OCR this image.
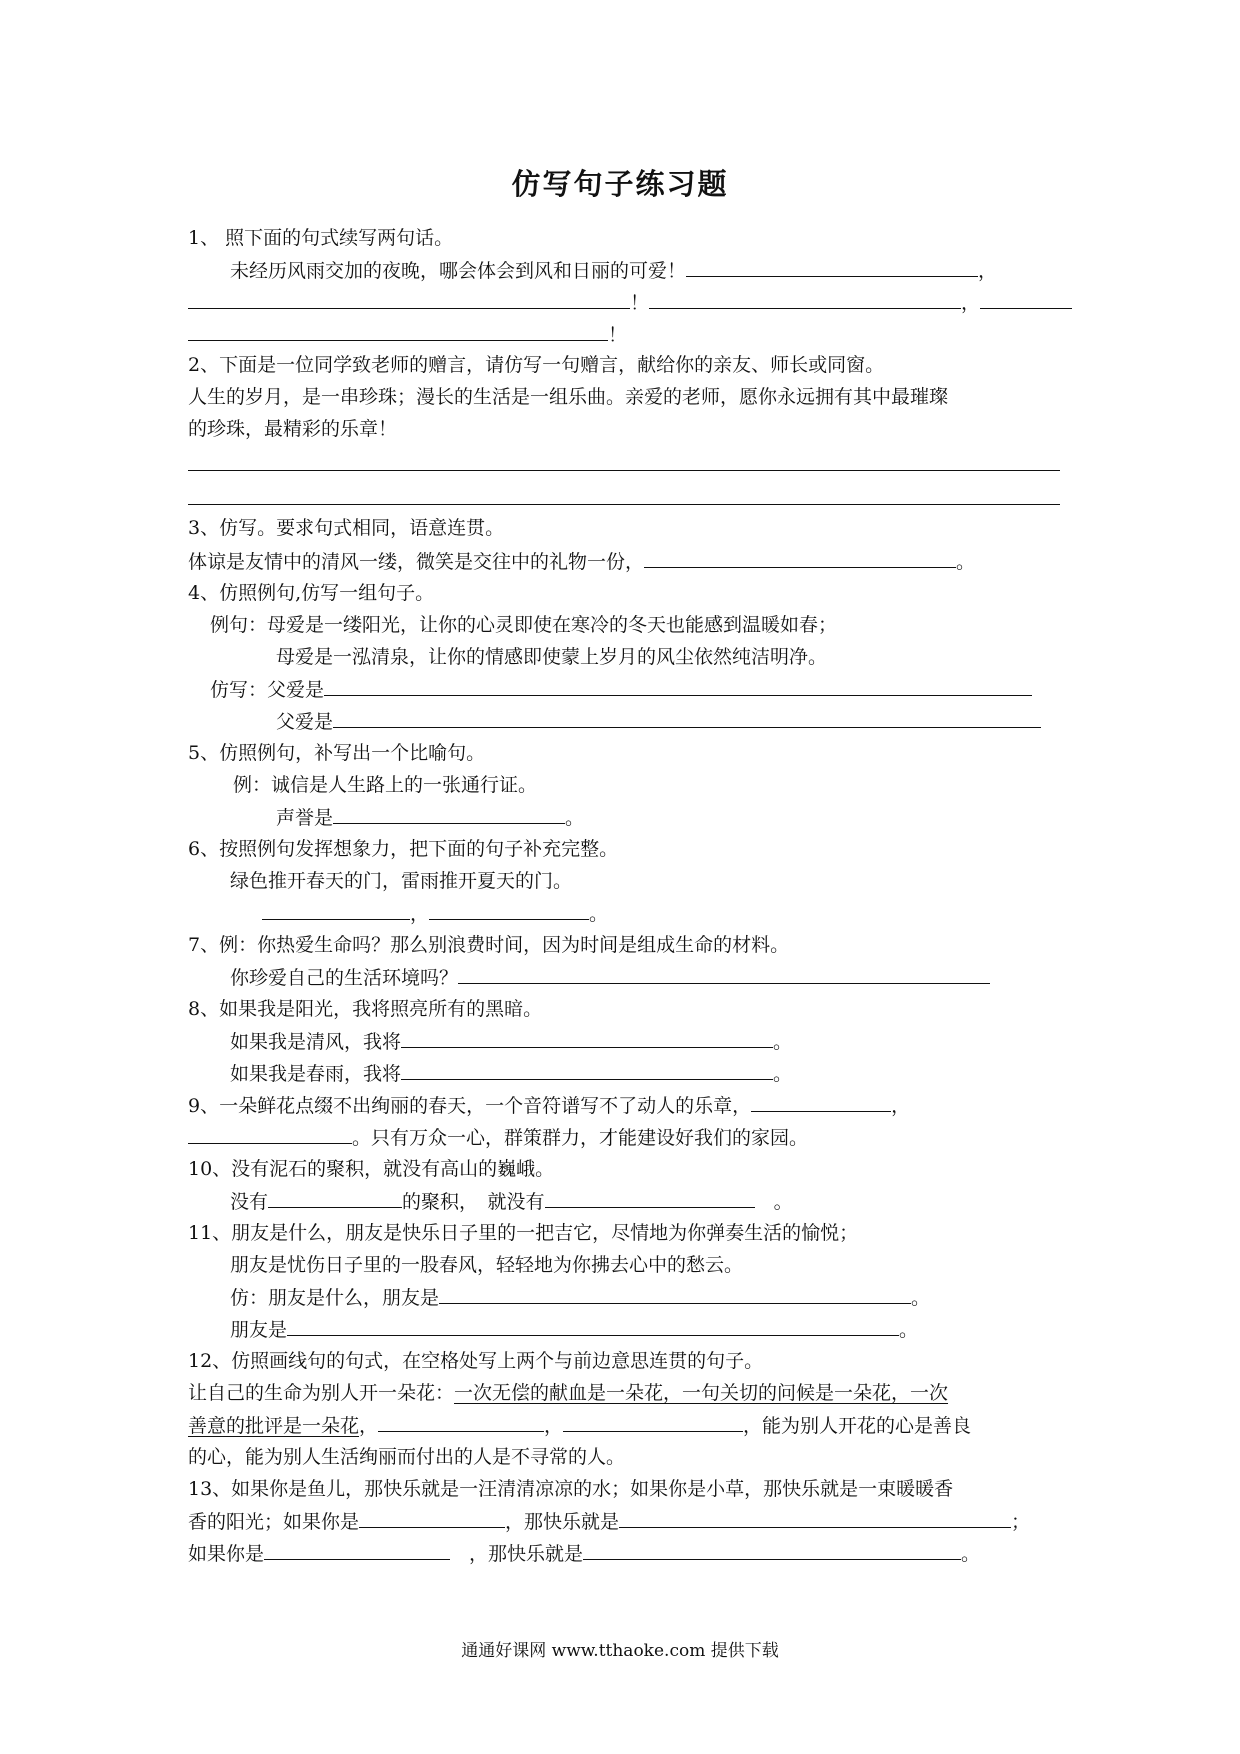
仿写句子练习题
1、 照下面的句式续写两句话。
未经历风雨交加的夜晚，哪会体会到风和日丽的可爱！	，
！	，
！
2、下面是一位同学致老师的赠言，请仿写一句赠言，献给你的亲友、师长或同窗。
人生的岁月，是一串珍珠；漫长的生活是一组乐曲。亲爱的老师，愿你永远拥有其中最璀璨
的珍珠，最精彩的乐章！
3、仿写。要求句式相同，语意连贯。
体谅是友情中的清风一缕，微笑是交往中的礼物一份，	。
4、仿照例句,仿写一组句子。
例句：母爱是一缕阳光，让你的心灵即使在寒冷的冬天也能感到温暖如春；
母爱是一泓清泉，让你的情感即使蒙上岁月的风尘依然纯洁明净。
仿写：父爱是
父爱是
5、仿照例句，补写出一个比喻句。
例：诚信是人生路上的一张通行证。
声誉是	。
6、按照例句发挥想象力，把下面的句子补充完整。
绿色推开春天的门，雷雨推开夏天的门。
，	。
7、例：你热爱生命吗？那么别浪费时间，因为时间是组成生命的材料。
你珍爱自己的生活环境吗？
8、如果我是阳光，我将照亮所有的黑暗。
如果我是清风，我将	。
如果我是春雨，我将	。
9、一朵鲜花点缀不出绚丽的春天，一个音符谱写不了动人的乐章，	，
。只有万众一心，群策群力，才能建设好我们的家园。
10、没有泥石的聚积，就没有高山的巍峨。
没有	的聚积，　 就没有 	。
11、朋友是什么，朋友是快乐日子里的一把吉它，尽情地为你弹奏生活的愉悦；
朋友是忧伤日子里的一股春风，轻轻地为你拂去心中的愁云。
仿：朋友是什么，朋友是	。
朋友是	。
12、仿照画线句的句式，在空格处写上两个与前边意思连贯的句子。
让自己的生命为别人开一朵花：一次无偿的献血是一朵花，一句关切的问候是一朵花，一次
善意的批评是一朵花，	，	，能为别人开花的心是善良
的心，能为别人生活绚丽而付出的人是不寻常的人。
13、如果你是鱼儿，那快乐就是一汪清清凉凉的水；如果你是小草，那快乐就是一束暖暖香
香的阳光；如果你是	，那快乐就是	；
如果你是　	，那快乐就是	。
通通好课网 www.tthaoke.com 提供下载
